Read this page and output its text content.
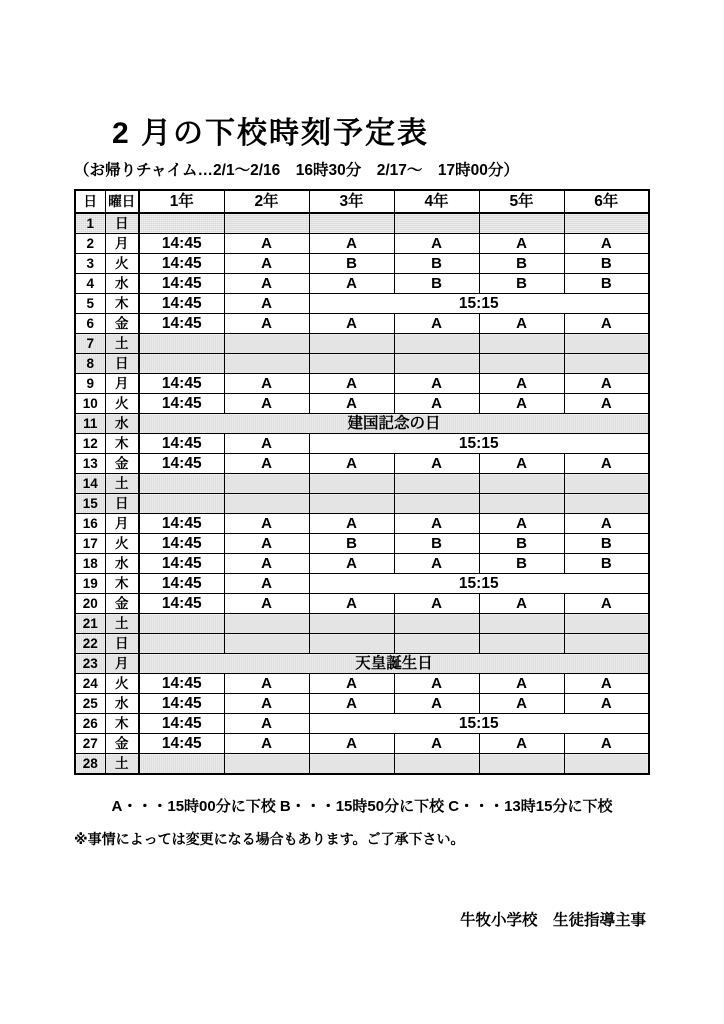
2 月の下校時刻予定表
（お帰りチャイム…2/1～2/16　16時30分　2/17～　17時00分）
日	曜日	1年	2年	3年	4年	5年	6年
1	日						
2	月	14:45	A	A	A	A	A
3	火	14:45	A	B	B	B	B
4	水	14:45	A	A	B	B	B
5	木	14:45	A	15:15			
6	金	14:45	A	A	A	A	A
7	土						
8	日						
9	月	14:45	A	A	A	A	A
10	火	14:45	A	A	A	A	A
11	水	建国記念の日					
12	木	14:45	A	15:15			
13	金	14:45	A	A	A	A	A
14	土						
15	日						
16	月	14:45	A	A	A	A	A
17	火	14:45	A	B	B	B	B
18	水	14:45	A	A	A	B	B
19	木	14:45	A	15:15			
20	金	14:45	A	A	A	A	A
21	土						
22	日						
23	月	天皇誕生日					
24	火	14:45	A	A	A	A	A
25	水	14:45	A	A	A	A	A
26	木	14:45	A	15:15			
27	金	14:45	A	A	A	A	A
28	土						
A・・・15時00分に下校 B・・・15時50分に下校 C・・・13時15分に下校
※事情によっては変更になる場合もあります。ご了承下さい。
牛牧小学校　生徒指導主事
